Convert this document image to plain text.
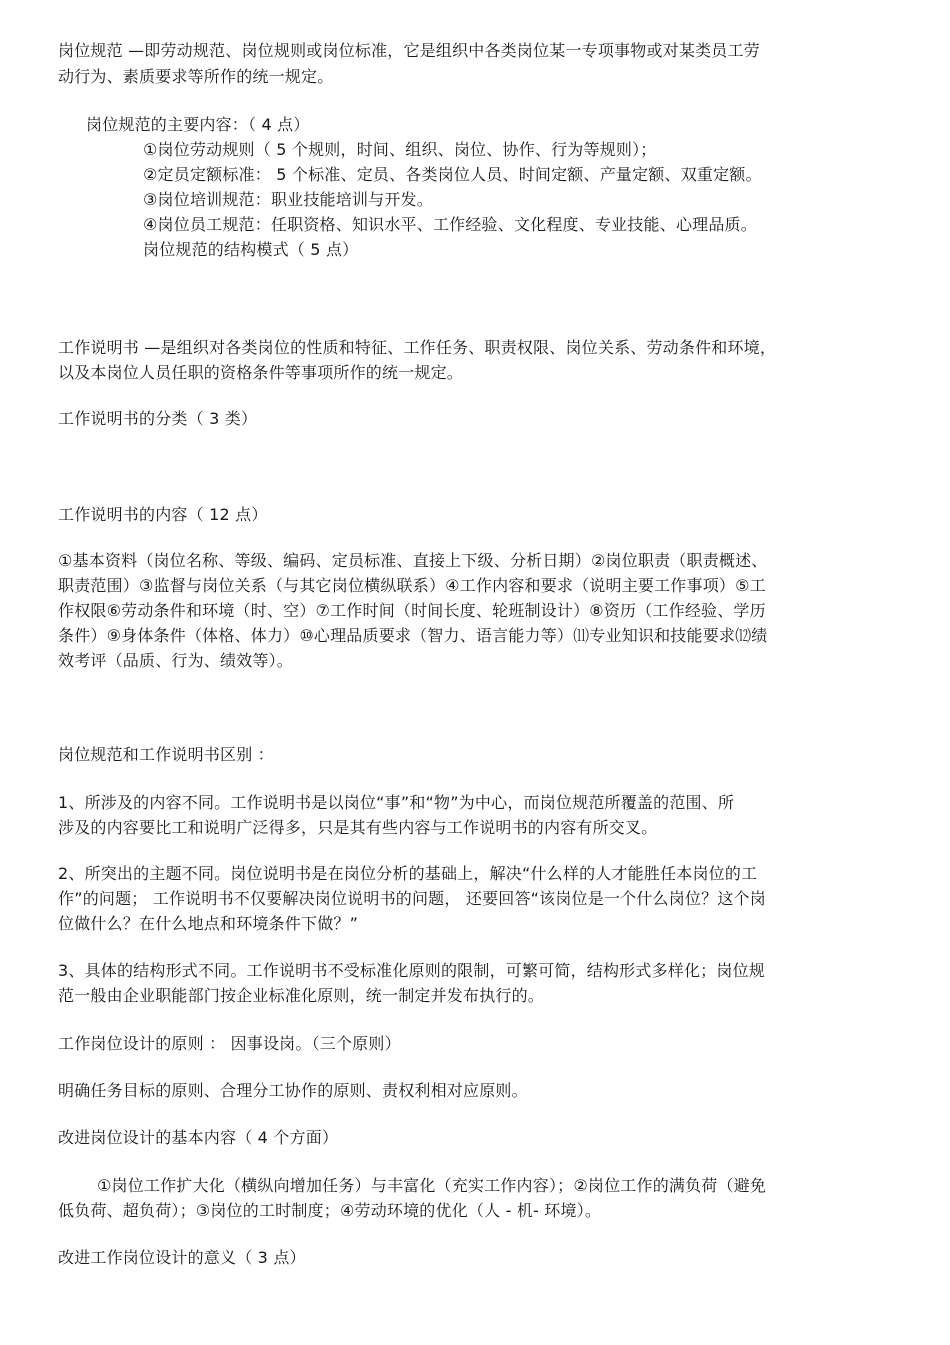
岗位规范 —即劳动规范、岗位规则或岗位标准，它是组织中各类岗位某一专项事物或对某类员工劳
动行为、素质要求等所作的统一规定。
岗位规范的主要内容：（ 4 点）
①岗位劳动规则（ 5 个规则，时间、组织、岗位、协作、行为等规则）；
②定员定额标准： 5 个标准、定员、各类岗位人员、时间定额、产量定额、双重定额。
③岗位培训规范：职业技能培训与开发。
④岗位员工规范：任职资格、知识水平、工作经验、文化程度、专业技能、心理品质。
岗位规范的结构模式（ 5 点）
工作说明书 —是组织对各类岗位的性质和特征、工作任务、职责权限、岗位关系、劳动条件和环境，
以及本岗位人员任职的资格条件等事项所作的统一规定。
工作说明书的分类（ 3 类）
工作说明书的内容（ 12 点）
①基本资料（岗位名称、等级、编码、定员标准、直接上下级、分析日期）②岗位职责（职责概述、
职责范围）③监督与岗位关系（与其它岗位横纵联系）④工作内容和要求（说明主要工作事项）⑤工
作权限⑥劳动条件和环境（时、空）⑦工作时间（时间长度、轮班制设计）⑧资历（工作经验、学历
条件）⑨身体条件（体格、体力）⑩心理品质要求（智力、语言能力等）⑾专业知识和技能要求⑿绩
效考评（品质、行为、绩效等）。
岗位规范和工作说明书区别 ：
1、所涉及的内容不同。工作说明书是以岗位“事”和“物”为中心，而岗位规范所覆盖的范围、所
涉及的内容要比工和说明广泛得多，只是其有些内容与工作说明书的内容有所交叉。
2、所突出的主题不同。岗位说明书是在岗位分析的基础上，解决“什么样的人才能胜任本岗位的工
作”的问题； 工作说明书不仅要解决岗位说明书的问题， 还要回答“该岗位是一个什么岗位？这个岗
位做什么？在什么地点和环境条件下做？”
3、具体的结构形式不同。工作说明书不受标准化原则的限制，可繁可简，结构形式多样化；岗位规
范一般由企业职能部门按企业标准化原则，统一制定并发布执行的。
工作岗位设计的原则 ： 因事设岗。（三个原则）
明确任务目标的原则、合理分工协作的原则、责权利相对应原则。
改进岗位设计的基本内容（ 4 个方面）
①岗位工作扩大化（横纵向增加任务）与丰富化（充实工作内容）；②岗位工作的满负荷（避免
低负荷、超负荷）；③岗位的工时制度；④劳动环境的优化（人 - 机- 环境）。
改进工作岗位设计的意义（ 3 点）
